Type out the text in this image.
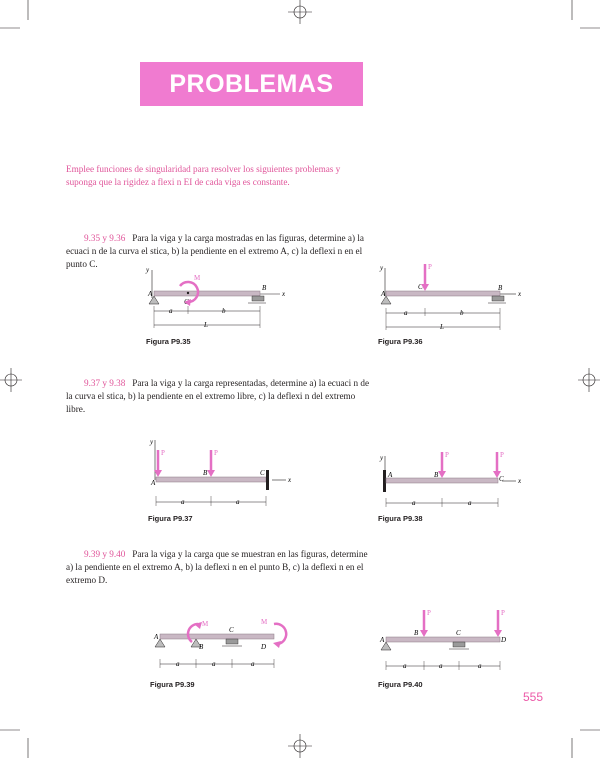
PROBLEMAS
Emplee funciones de singularidad para resolver los siguientes problemas y suponga que la rigidez a flexi n EI de cada viga es constante.
9.35 y 9.36 Para la viga y la carga mostradas en las figuras, determine a) la ecuaci n de la curva el stica, b) la pendiente en el extremo A, c) la deflexi n en el punto C.
9.37 y 9.38 Para la viga y la carga representadas, determine a) la ecuaci n de la curva el stica, b) la pendiente en el extremo libre, c) la deflexi n del extremo libre.
9.39 y 9.40 Para la viga y la carga que se muestran en las figuras, determine a) la pendiente en el extremo A, b) la deflexi n en el punto B, c) la deflexi n en el extremo D.
y
x
A
B
M
a	b
L
Figura P9.35
y
x
A
B
C
P
a	b
L
Figura P9.36
y
x
A
B	C
P	P
a	a
Figura P9.37
y
x
A	B	C
P	P
a	a
Figura P9.38
A
B
C
D
M	M
a	a	a
Figura P9.39
A
B	C
D
P	P
a	a	a
Figura P9.40
555
